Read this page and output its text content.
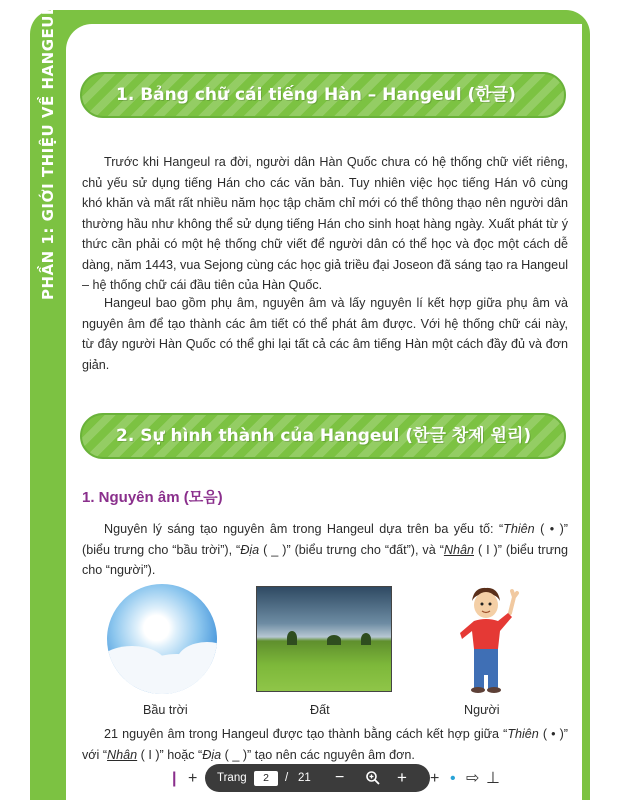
PHẦN 1: GIỚI THIỆU VỀ HANGEUL	1. Bảng chữ cái tiếng Hàn – Hangeul (한글)

Trước khi Hangeul ra đời, người dân Hàn Quốc chưa có hệ thống chữ viết riêng, chủ yếu sử dụng tiếng Hán cho các văn bản. Tuy nhiên việc học tiếng Hán vô cùng khó khăn và mất rất nhiều năm học tập chăm chỉ mới có thể thông thạo nên người dân thường hầu như không thể sử dụng tiếng Hán cho sinh hoạt hàng ngày. Xuất phát từ ý thức cần phải có một hệ thống chữ viết để người dân có thể học và đọc một cách dễ dàng, năm 1443, vua Sejong cùng các học giả triều đại Joseon đã sáng tạo ra Hangeul – hệ thống chữ cái đầu tiên của Hàn Quốc.

Hangeul bao gồm phụ âm, nguyên âm và lấy nguyên lí kết hợp giữa phụ âm và nguyên âm để tạo thành các âm tiết có thể phát âm được. Với hệ thống chữ cái này, từ đây người Hàn Quốc có thể ghi lại tất cả các âm tiếng Hàn một cách đầy đủ và đơn giản.

2. Sự hình thành của Hangeul (한글 창제 원리)
1. Nguyên âm (모음)

Nguyên lý sáng tạo nguyên âm trong Hangeul dựa trên ba yếu tố: “Thiên ( • )” (biểu trưng cho “bầu trời”), “Địa ( _ )” (biểu trưng cho “đất”), và “Nhân ( I )” (biểu trưng cho “người”).

Bầu trời	Đất	Người

21 nguyên âm trong Hangeul được tạo thành bằng cách kết hợp giữa “Thiên ( • )” với “Nhân ( I )” hoặc “Địa ( _ )” tạo nên các nguyên âm đơn.

| + Trang	2	/ 21 −	+ + • ⇨ ⊥
